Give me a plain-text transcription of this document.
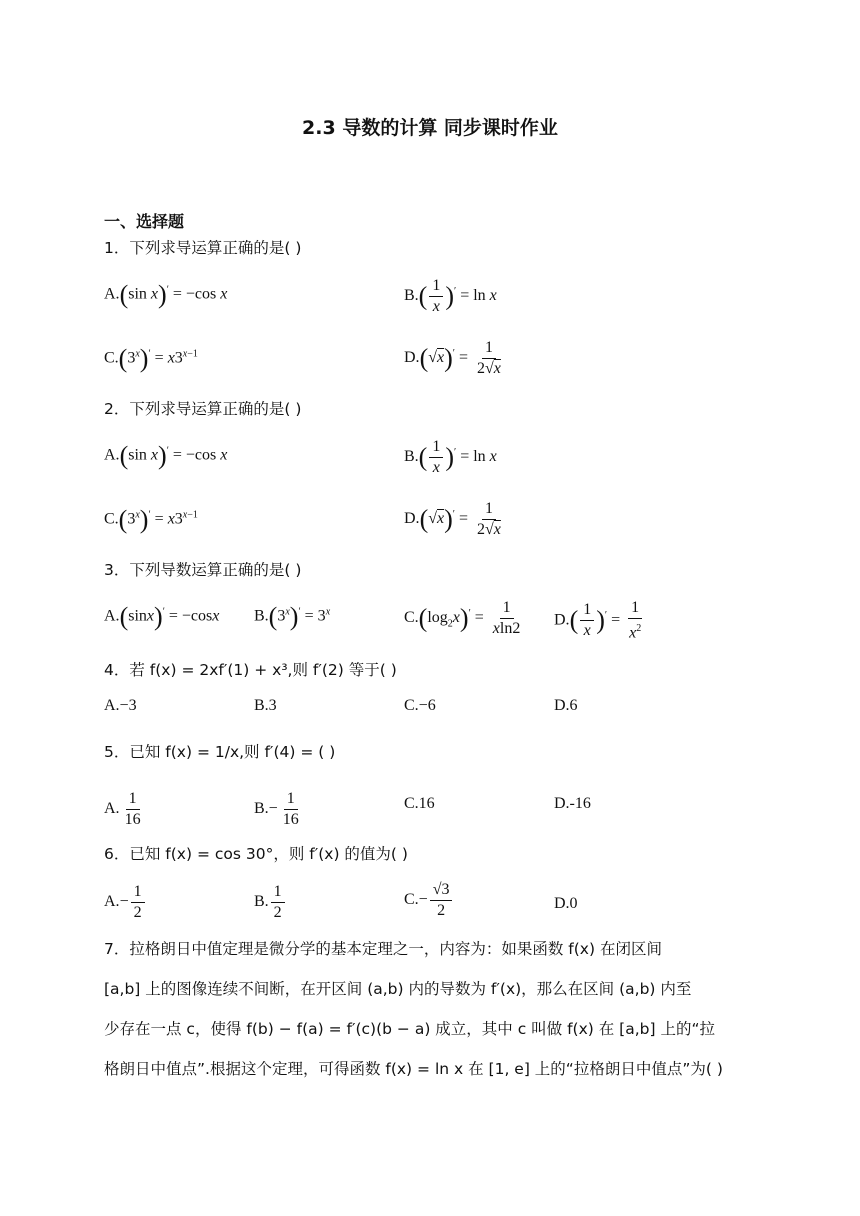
2.3 导数的计算 同步课时作业
一、选择题
1．下列求导运算正确的是( )
A.(sin x)′ = −cos x	$B.( \frac{1}{x} )' = \ln x$
$C.(3^x)' = x3^{x-1}$	$D.(√x)' = \frac{1}{2√x}$
2．下列求导运算正确的是( )
A.(sin x)′ = −cos x	$B.( \frac{1}{x} )' = \ln x$
$C.(3^x)' = x3^{x-1}$	$D.(√x)' = \frac{1}{2√x}$
3．下列导数运算正确的是( )
A.(sinx)′ = −cosx $B.(3^x)' = 3^x$	$C.(\log_2x)' = \frac{1}{xln2} D.( \frac{1}{x} )' = \frac{1}{x^2}$
4．若 f(x) = 2xf′(1) + x³,则 f′(2) 等于( )
A.−3	B.3	C.−6	D.6
5．已知 f(x) = 1/x,则 f′(4) = ( )
A. $\frac{1}{16}$	$B.- \frac{1}{16}$	C.16	D.-16
6．已知 f(x) = cos 30°，则 f′(x) 的值为( )
$A.- \frac{1}{2}$	B. $\frac{1}{2}$	$C.- \frac{√3}{2}$	D.0
7．拉格朗日中值定理是微分学的基本定理之一，内容为：如果函数 f(x) 在闭区间
[a,b] 上的图像连续不间断，在开区间 (a,b) 内的导数为 f′(x)，那么在区间 (a,b) 内至
少存在一点 c，使得 f(b) − f(a) = f′(c)(b − a) 成立，其中 c 叫做 f(x) 在 [a,b] 上的“拉
格朗日中值点”.根据这个定理，可得函数 f(x) = ln x 在 [1, e] 上的“拉格朗日中值点”为( )
